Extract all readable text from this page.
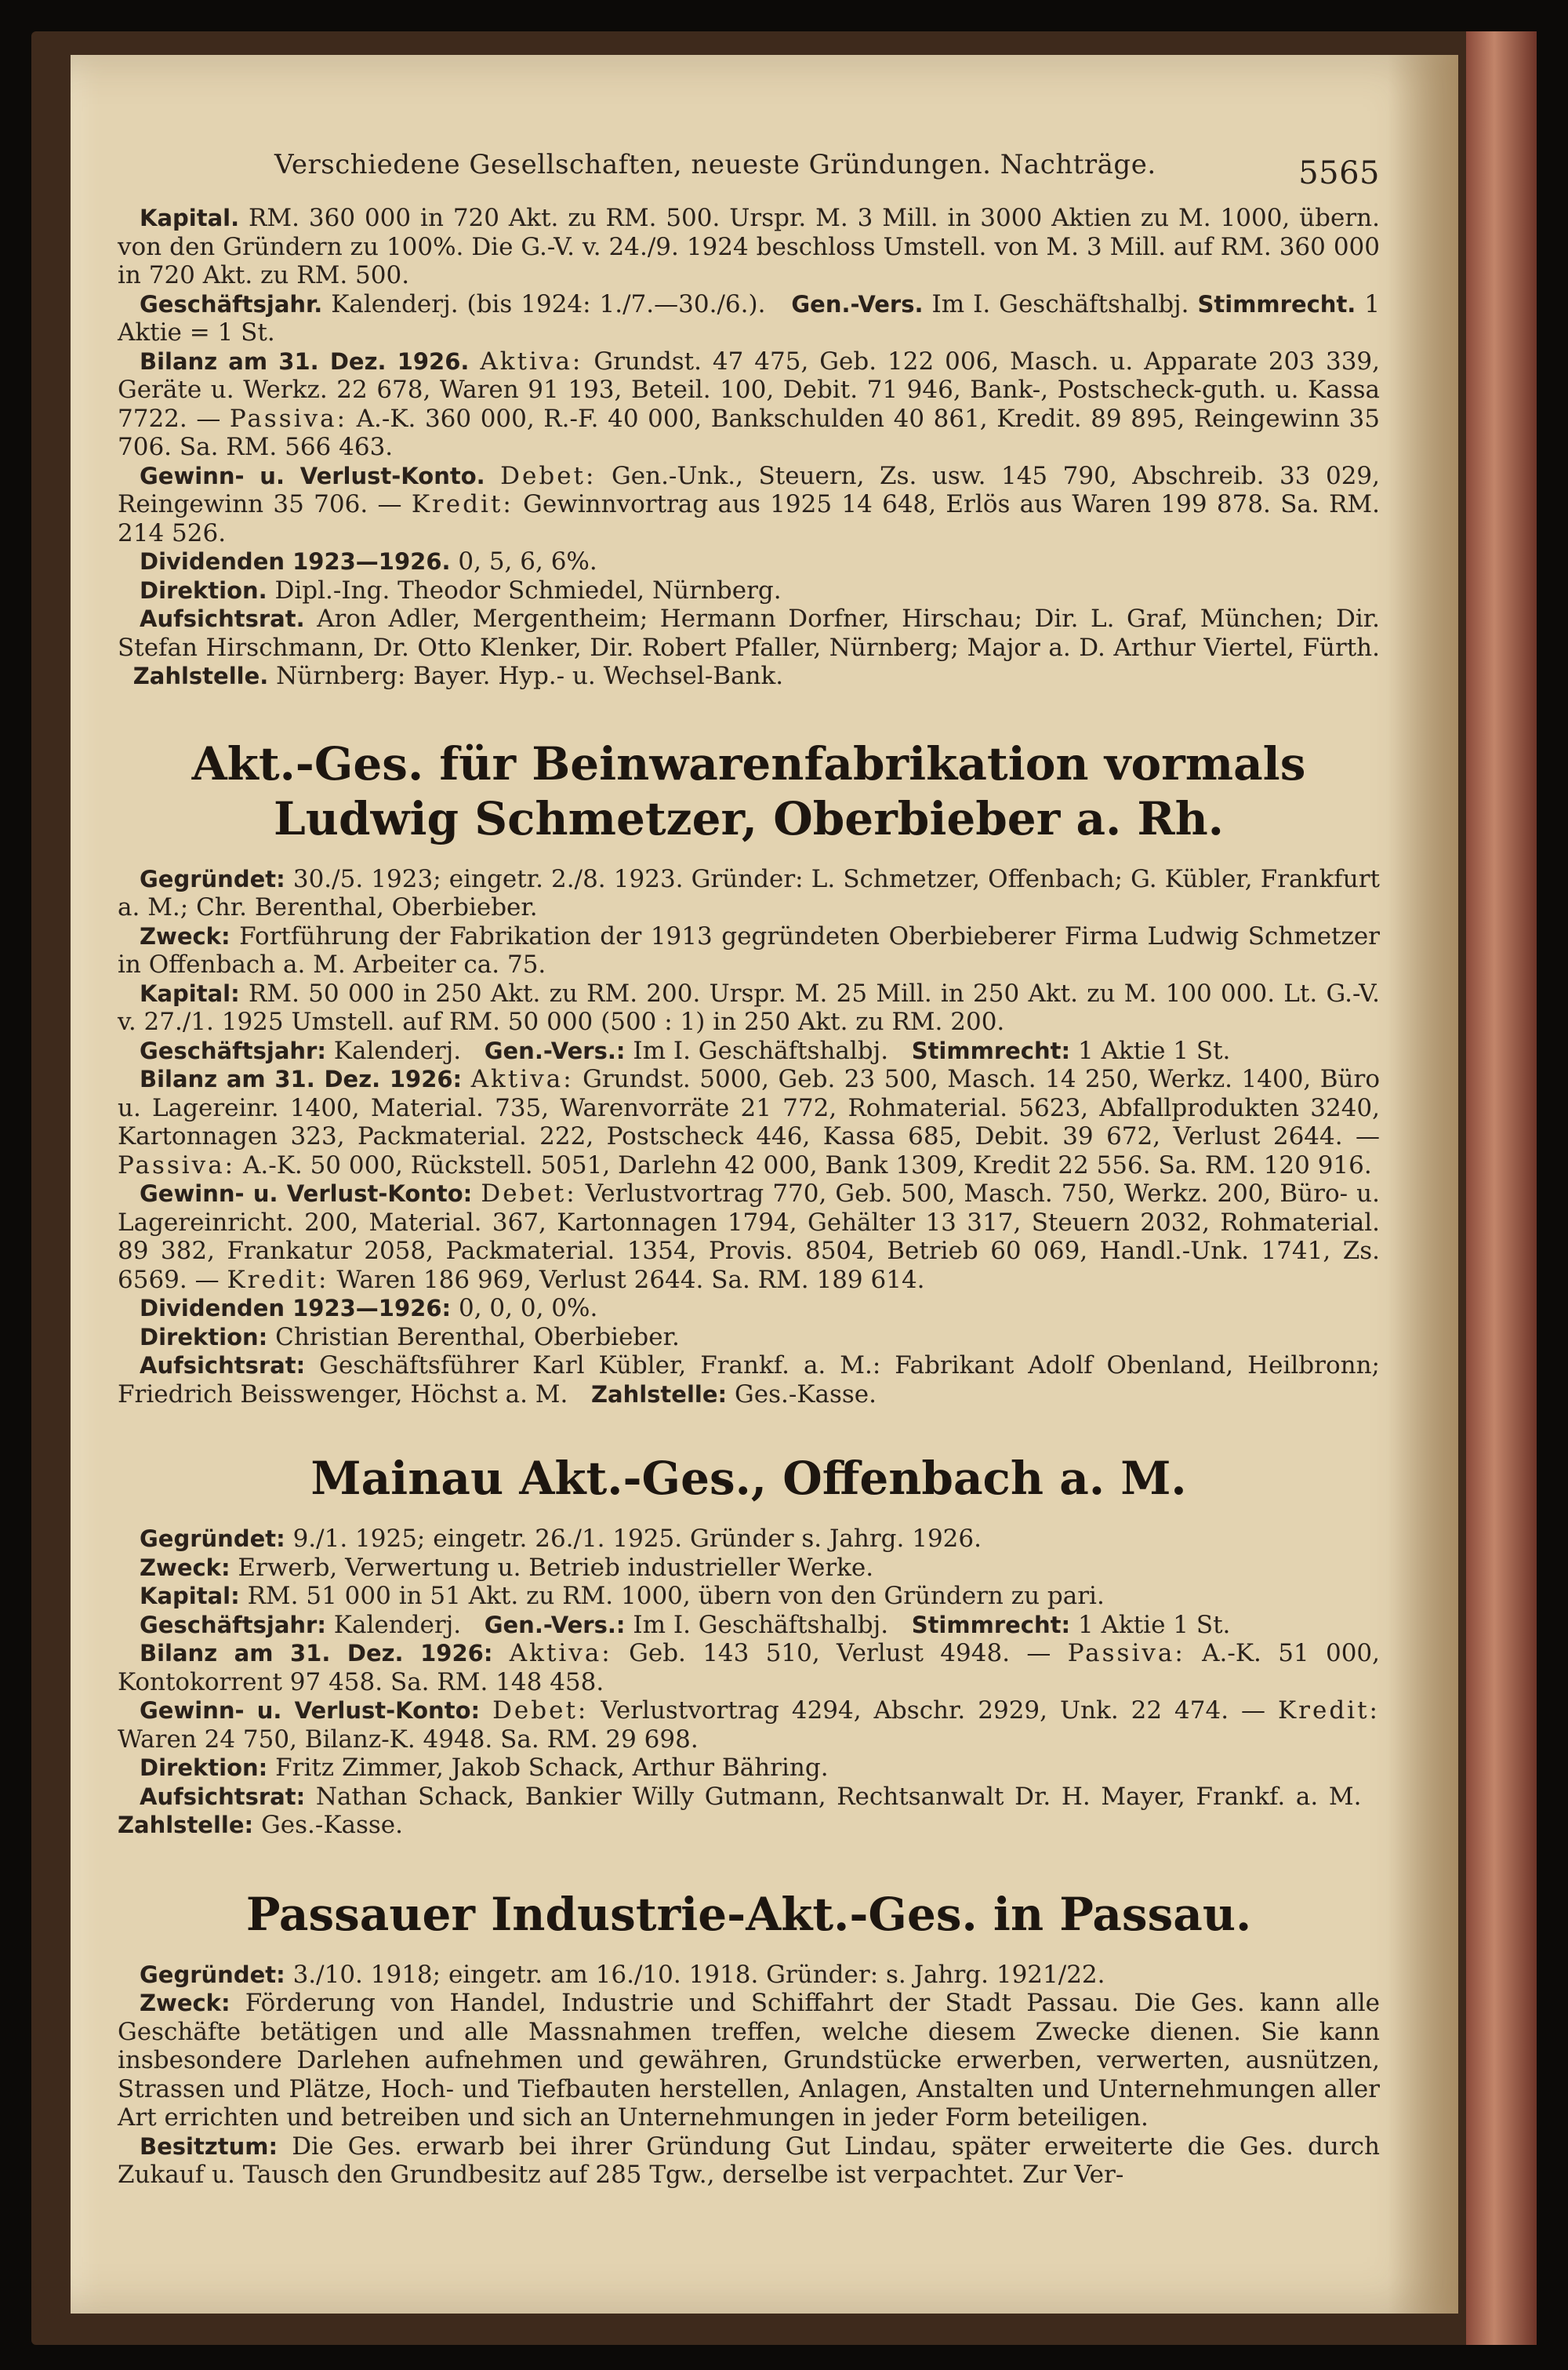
Verschiedene Gesellschaften, neueste Gründungen. Nachträge.	5565

Kapital. RM. 360 000 in 720 Akt. zu RM. 500. Urspr. M. 3 Mill. in 3000 Aktien zu M. 1000, übern. von den Gründern zu 100%. Die G.-V. v. 24./9. 1924 beschloss Umstell. von M. 3 Mill. auf RM. 360 000 in 720 Akt. zu RM. 500.

Geschäftsjahr. Kalenderj. (bis 1924: 1./7.—30./6.). Gen.-Vers. Im I. Geschäftshalbj. Stimmrecht. 1 Aktie = 1 St.

Bilanz am 31. Dez. 1926. Aktiva: Grundst. 47 475, Geb. 122 006, Masch. u. Apparate 203 339, Geräte u. Werkz. 22 678, Waren 91 193, Beteil. 100, Debit. 71 946, Bank-, Postscheck-guth. u. Kassa 7722. — Passiva: A.-K. 360 000, R.-F. 40 000, Bankschulden 40 861, Kredit. 89 895, Reingewinn 35 706. Sa. RM. 566 463.

Gewinn- u. Verlust-Konto. Debet: Gen.-Unk., Steuern, Zs. usw. 145 790, Abschreib. 33 029, Reingewinn 35 706. — Kredit: Gewinnvortrag aus 1925 14 648, Erlös aus Waren 199 878. Sa. RM. 214 526.

Dividenden 1923—1926. 0, 5, 6, 6%.

Direktion. Dipl.-Ing. Theodor Schmiedel, Nürnberg.

Aufsichtsrat. Aron Adler, Mergentheim; Hermann Dorfner, Hirschau; Dir. L. Graf, München; Dir. Stefan Hirschmann, Dr. Otto Klenker, Dir. Robert Pfaller, Nürnberg; Major a. D. Arthur Viertel, Fürth.   Zahlstelle. Nürnberg: Bayer. Hyp.- u. Wechsel-Bank.

Akt.-Ges. für Beinwarenfabrikation vormals
Ludwig Schmetzer, Oberbieber a. Rh.

Gegründet: 30./5. 1923; eingetr. 2./8. 1923. Gründer: L. Schmetzer, Offenbach; G. Kübler, Frankfurt a. M.; Chr. Berenthal, Oberbieber.

Zweck: Fortführung der Fabrikation der 1913 gegründeten Oberbieberer Firma Ludwig Schmetzer in Offenbach a. M. Arbeiter ca. 75.

Kapital: RM. 50 000 in 250 Akt. zu RM. 200. Urspr. M. 25 Mill. in 250 Akt. zu M. 100 000. Lt. G.-V. v. 27./1. 1925 Umstell. auf RM. 50 000 (500 : 1) in 250 Akt. zu RM. 200.

Geschäftsjahr: Kalenderj. Gen.-Vers.: Im I. Geschäftshalbj. Stimmrecht: 1 Aktie 1 St.

Bilanz am 31. Dez. 1926: Aktiva: Grundst. 5000, Geb. 23 500, Masch. 14 250, Werkz. 1400, Büro u. Lagereinr. 1400, Material. 735, Warenvorräte 21 772, Rohmaterial. 5623, Abfallprodukten 3240, Kartonnagen 323, Packmaterial. 222, Postscheck 446, Kassa 685, Debit. 39 672, Verlust 2644. — Passiva: A.-K. 50 000, Rückstell. 5051, Darlehn 42 000, Bank 1309, Kredit 22 556. Sa. RM. 120 916.

Gewinn- u. Verlust-Konto: Debet: Verlustvortrag 770, Geb. 500, Masch. 750, Werkz. 200, Büro- u. Lagereinricht. 200, Material. 367, Kartonnagen 1794, Gehälter 13 317, Steuern 2032, Rohmaterial. 89 382, Frankatur 2058, Packmaterial. 1354, Provis. 8504, Betrieb 60 069, Handl.-Unk. 1741, Zs. 6569. — Kredit: Waren 186 969, Verlust 2644. Sa. RM. 189 614.

Dividenden 1923—1926: 0, 0, 0, 0%.

Direktion: Christian Berenthal, Oberbieber.

Aufsichtsrat: Geschäftsführer Karl Kübler, Frankf. a. M.: Fabrikant Adolf Obenland, Heilbronn; Friedrich Beisswenger, Höchst a. M. Zahlstelle: Ges.-Kasse.

Mainau Akt.-Ges., Offenbach a. M.

Gegründet: 9./1. 1925; eingetr. 26./1. 1925. Gründer s. Jahrg. 1926.

Zweck: Erwerb, Verwertung u. Betrieb industrieller Werke.

Kapital: RM. 51 000 in 51 Akt. zu RM. 1000, übern von den Gründern zu pari.

Geschäftsjahr: Kalenderj. Gen.-Vers.: Im I. Geschäftshalbj. Stimmrecht: 1 Aktie 1 St.

Bilanz am 31. Dez. 1926: Aktiva: Geb. 143 510, Verlust 4948. — Passiva: A.-K. 51 000, Kontokorrent 97 458. Sa. RM. 148 458.

Gewinn- u. Verlust-Konto: Debet: Verlustvortrag 4294, Abschr. 2929, Unk. 22 474. — Kredit: Waren 24 750, Bilanz-K. 4948. Sa. RM. 29 698.

Direktion: Fritz Zimmer, Jakob Schack, Arthur Bähring.

Aufsichtsrat: Nathan Schack, Bankier Willy Gutmann, Rechtsanwalt Dr. H. Mayer, Frankf. a. M.   Zahlstelle: Ges.-Kasse.

Passauer Industrie-Akt.-Ges. in Passau.

Gegründet: 3./10. 1918; eingetr. am 16./10. 1918. Gründer: s. Jahrg. 1921/22.

Zweck: Förderung von Handel, Industrie und Schiffahrt der Stadt Passau. Die Ges. kann alle Geschäfte betätigen und alle Massnahmen treffen, welche diesem Zwecke dienen. Sie kann insbesondere Darlehen aufnehmen und gewähren, Grundstücke erwerben, verwerten, ausnützen, Strassen und Plätze, Hoch- und Tiefbauten herstellen, Anlagen, Anstalten und Unternehmungen aller Art errichten und betreiben und sich an Unternehmungen in jeder Form beteiligen.

Besitztum: Die Ges. erwarb bei ihrer Gründung Gut Lindau, später erweiterte die Ges. durch Zukauf u. Tausch den Grundbesitz auf 285 Tgw., derselbe ist verpachtet. Zur Ver-
